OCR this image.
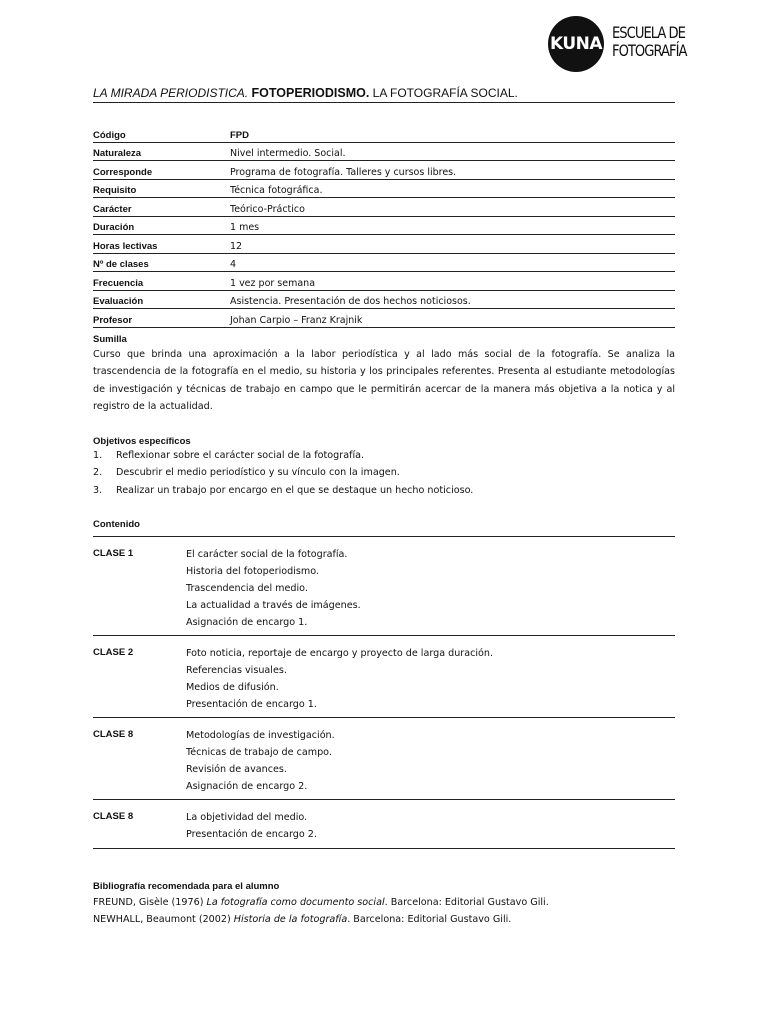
KUNA
ESCUELA DE
FOTOGRAFÍA
LA MIRADA PERIODISTICA. FOTOPERIODISMO. LA FOTOGRAFÍA SOCIAL.
Código	FPD
Naturaleza	Nivel intermedio. Social.
Corresponde	Programa de fotografía. Talleres y cursos libres.
Requisito	Técnica fotográfica.
Carácter	Teórico-Práctico
Duración	1 mes
Horas lectivas	12
Nº de clases	4
Frecuencia	1 vez por semana
Evaluación	Asistencia. Presentación de dos hechos noticiosos.
Profesor	Johan Carpio – Franz Krajnik
Sumilla
Curso que brinda una aproximación a la labor periodística y al lado más social de la fotografía. Se analiza la trascendencia de la fotografía en el medio, su historia y los principales referentes. Presenta al estudiante metodologías de investigación y técnicas de trabajo en campo que le permitirán acercar de la manera más objetiva a la notica y al registro de la actualidad.
Objetivos específicos
1. Reflexionar sobre el carácter social de la fotografía.
2. Descubrir el medio periodístico y su vínculo con la imagen.
3. Realizar un trabajo por encargo en el que se destaque un hecho noticioso.
Contenido
CLASE 1	El carácter social de la fotografía.
Historia del fotoperiodismo.
Trascendencia del medio.
La actualidad a través de imágenes.
Asignación de encargo 1.
CLASE 2	Foto noticia, reportaje de encargo y proyecto de larga duración.
Referencias visuales.
Medios de difusión.
Presentación de encargo 1.
CLASE 8	Metodologías de investigación.
Técnicas de trabajo de campo.
Revisión de avances.
Asignación de encargo 2.
CLASE 8	La objetividad del medio.
Presentación de encargo 2.
Bibliografía recomendada para el alumno
FREUND, Gisèle (1976) La fotografía como documento social. Barcelona: Editorial Gustavo Gili.
NEWHALL, Beaumont (2002) Historia de la fotografía. Barcelona: Editorial Gustavo Gili.
